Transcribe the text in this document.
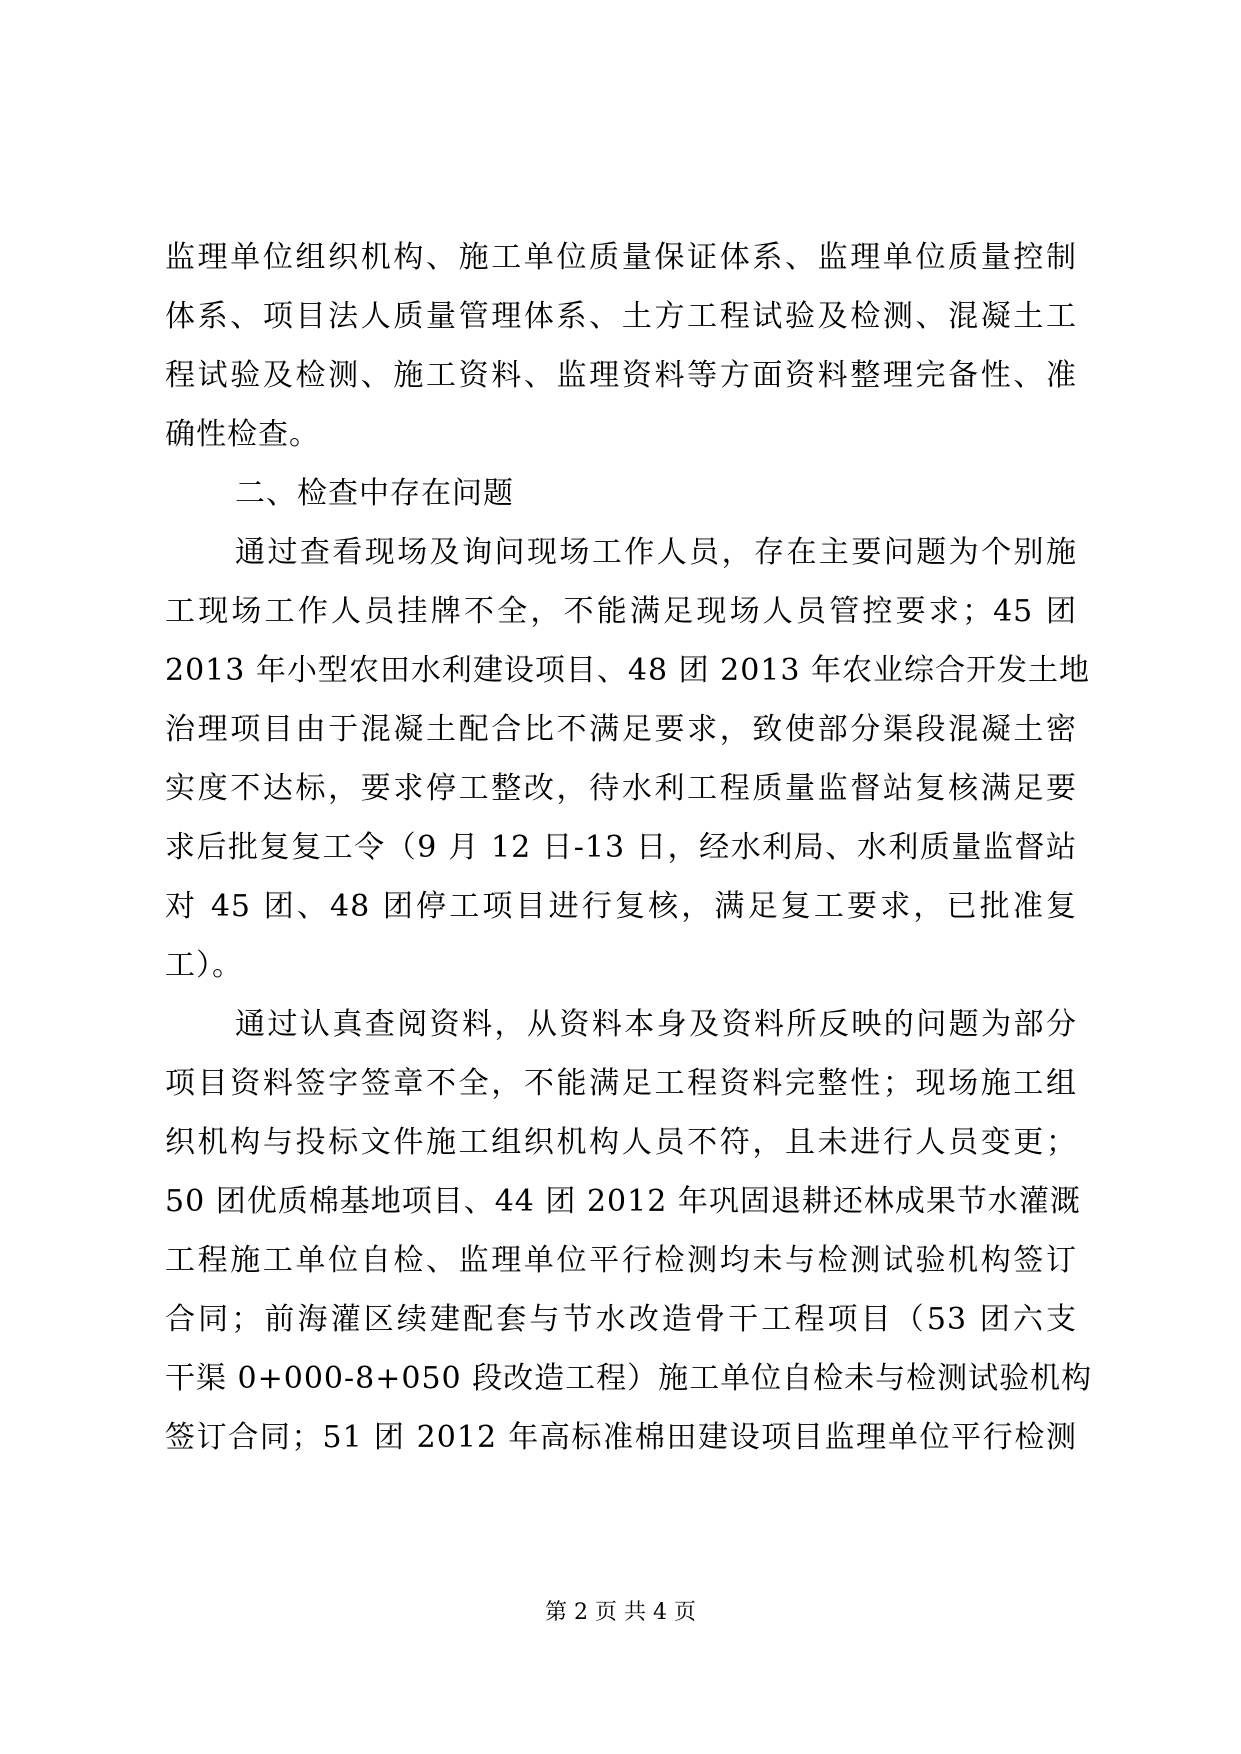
监理单位组织机构、施工单位质量保证体系、监理单位质量控制
体系、项目法人质量管理体系、土方工程试验及检测、混凝土工
程试验及检测、施工资料、监理资料等方面资料整理完备性、准
确性检查。
二、检查中存在问题
通过查看现场及询问现场工作人员，存在主要问题为个别施
工现场工作人员挂牌不全，不能满足现场人员管控要求；45 团
2013 年小型农田水利建设项目、48 团 2013 年农业综合开发土地
治理项目由于混凝土配合比不满足要求，致使部分渠段混凝土密
实度不达标，要求停工整改，待水利工程质量监督站复核满足要
求后批复复工令（9 月 12 日-13 日，经水利局、水利质量监督站
对 45 团、48 团停工项目进行复核，满足复工要求，已批准复
工）。
通过认真查阅资料，从资料本身及资料所反映的问题为部分
项目资料签字签章不全，不能满足工程资料完整性；现场施工组
织机构与投标文件施工组织机构人员不符，且未进行人员变更；
50 团优质棉基地项目、44 团 2012 年巩固退耕还林成果节水灌溉
工程施工单位自检、监理单位平行检测均未与检测试验机构签订
合同；前海灌区续建配套与节水改造骨干工程项目（53 团六支
干渠 0+000-8+050 段改造工程）施工单位自检未与检测试验机构
签订合同；51 团 2012 年高标准棉田建设项目监理单位平行检测
第 2 页 共 4 页
